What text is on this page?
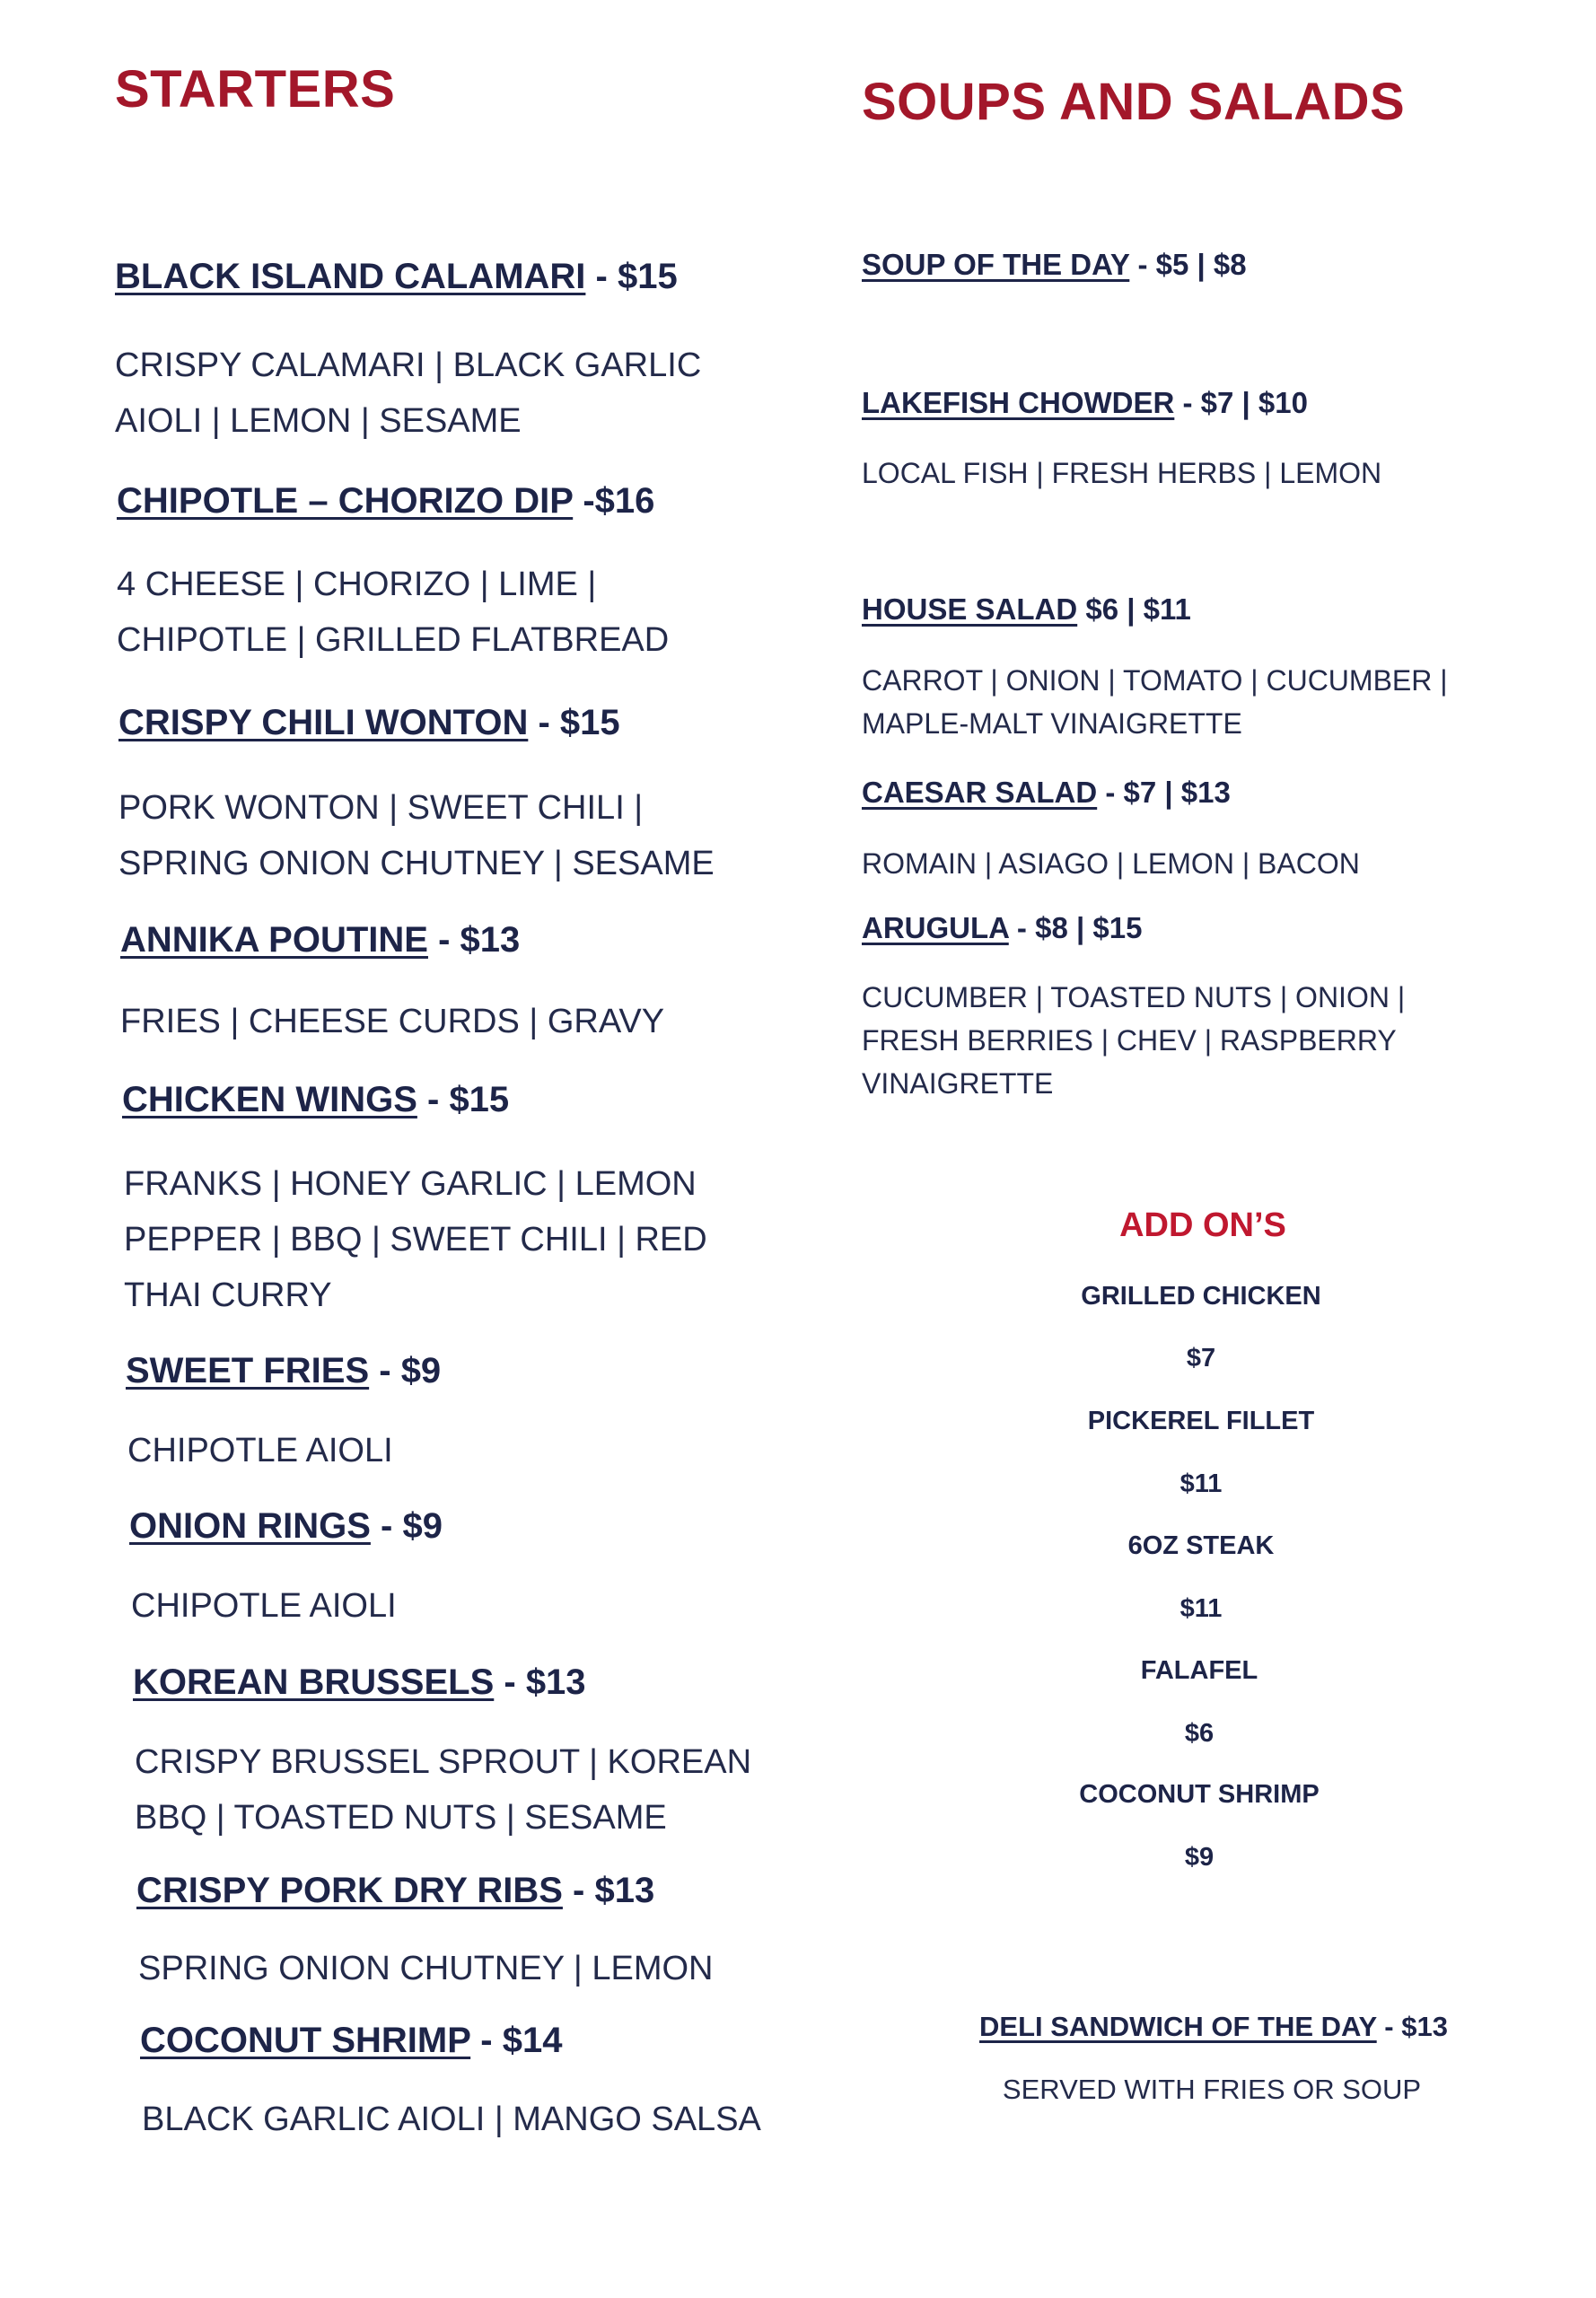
STARTERS

BLACK ISLAND CALAMARI - $15

CRISPY CALAMARI | BLACK GARLIC AIOLI | LEMON | SESAME

CHIPOTLE – CHORIZO DIP -$16

4 CHEESE | CHORIZO | LIME | CHIPOTLE | GRILLED FLATBREAD

CRISPY CHILI WONTON - $15

PORK WONTON | SWEET CHILI | SPRING ONION CHUTNEY | SESAME

ANNIKA POUTINE - $13

FRIES | CHEESE CURDS | GRAVY

CHICKEN WINGS - $15

FRANKS | HONEY GARLIC | LEMON PEPPER | BBQ | SWEET CHILI | RED THAI CURRY

SWEET FRIES - $9

CHIPOTLE AIOLI

ONION RINGS - $9

CHIPOTLE AIOLI

KOREAN BRUSSELS - $13

CRISPY BRUSSEL SPROUT | KOREAN BBQ | TOASTED NUTS | SESAME

CRISPY PORK DRY RIBS - $13

SPRING ONION CHUTNEY | LEMON

COCONUT SHRIMP - $14

BLACK GARLIC AIOLI | MANGO SALSA

SOUPS AND SALADS

SOUP OF THE DAY - $5 | $8

LAKEFISH CHOWDER - $7 | $10

LOCAL FISH | FRESH HERBS | LEMON

HOUSE SALAD $6 | $11

CARROT | ONION | TOMATO | CUCUMBER | MAPLE-MALT VINAIGRETTE

CAESAR SALAD - $7 | $13

ROMAIN | ASIAGO | LEMON | BACON

ARUGULA - $8 | $15

CUCUMBER | TOASTED NUTS | ONION | FRESH BERRIES | CHEV | RASPBERRY VINAIGRETTE

ADD ON’S

GRILLED CHICKEN

$7

PICKEREL FILLET

$11

6OZ STEAK

$11

FALAFEL

$6

COCONUT SHRIMP

$9

DELI SANDWICH OF THE DAY - $13

SERVED WITH FRIES OR SOUP
